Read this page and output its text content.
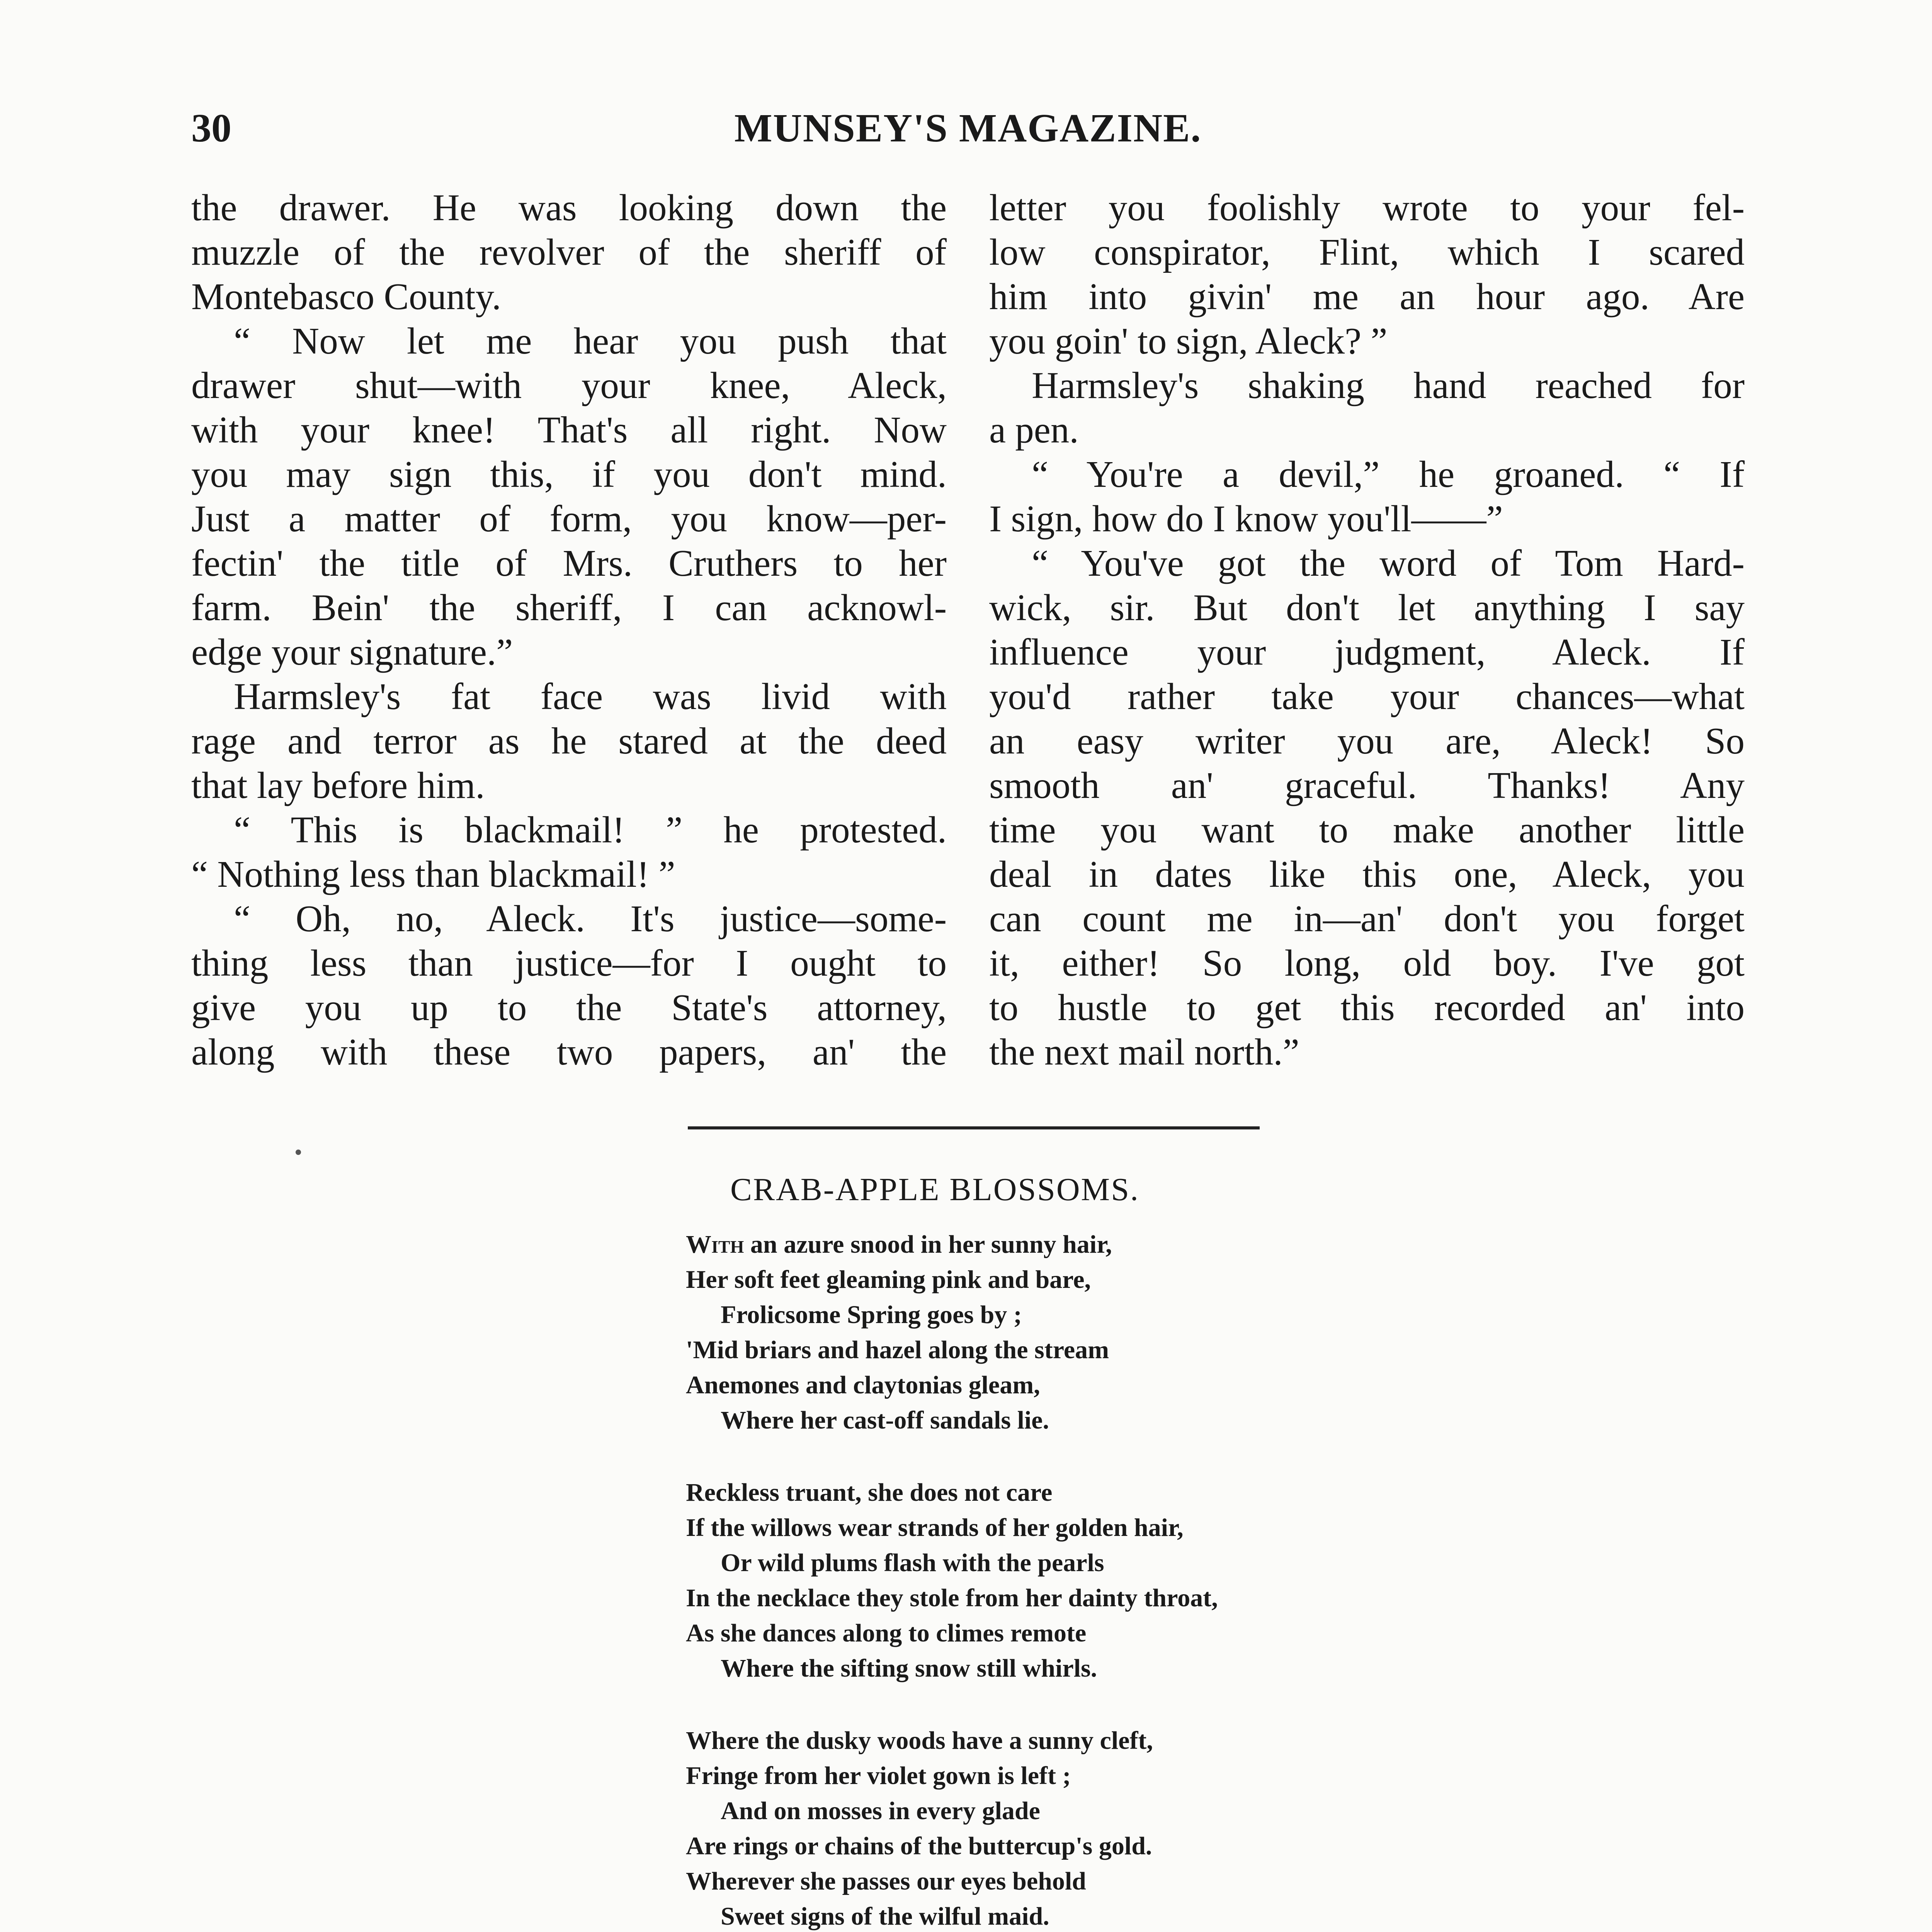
30	MUNSEY'S MAGAZINE.

the drawer. He was looking down the

muzzle of the revolver of the sheriff of

Montebasco County.

“ Now let me hear you push that

drawer shut—with your knee, Aleck,

with your knee! That's all right. Now

you may sign this, if you don't mind.

Just a matter of form, you know—per-

fectin' the title of Mrs. Cruthers to her

farm. Bein' the sheriff, I can acknowl-

edge your signature.”

Harmsley's fat face was livid with

rage and terror as he stared at the deed

that lay before him.

“ This is blackmail! ” he protested.

“ Nothing less than blackmail! ”

“ Oh, no, Aleck. It's justice—some-

thing less than justice—for I ought to

give you up to the State's attorney,

along with these two papers, an' the

letter you foolishly wrote to your fel-

low conspirator, Flint, which I scared

him into givin' me an hour ago. Are

you goin' to sign, Aleck? ”

Harmsley's shaking hand reached for

a pen.

“ You're a devil,” he groaned. “ If

I sign, how do I know you'll——”

“ You've got the word of Tom Hard-

wick, sir. But don't let anything I say

influence your judgment, Aleck. If

you'd rather take your chances—what

an easy writer you are, Aleck! So

smooth an' graceful. Thanks! Any

time you want to make another little

deal in dates like this one, Aleck, you

can count me in—an' don't you forget

it, either! So long, old boy. I've got

to hustle to get this recorded an' into

the next mail north.”

CRAB-APPLE BLOSSOMS.
With an azure snood in her sunny hair,
Her soft feet gleaming pink and bare,
Frolicsome Spring goes by ;
'Mid briars and hazel along the stream
Anemones and claytonias gleam,
Where her cast-off sandals lie.
Reckless truant, she does not care
If the willows wear strands of her golden hair,
Or wild plums flash with the pearls
In the necklace they stole from her dainty throat,
As she dances along to climes remote
Where the sifting snow still whirls.
Where the dusky woods have a sunny cleft,
Fringe from her violet gown is left ;
And on mosses in every glade
Are rings or chains of the buttercup's gold.
Wherever she passes our eyes behold
Sweet signs of the wilful maid.
